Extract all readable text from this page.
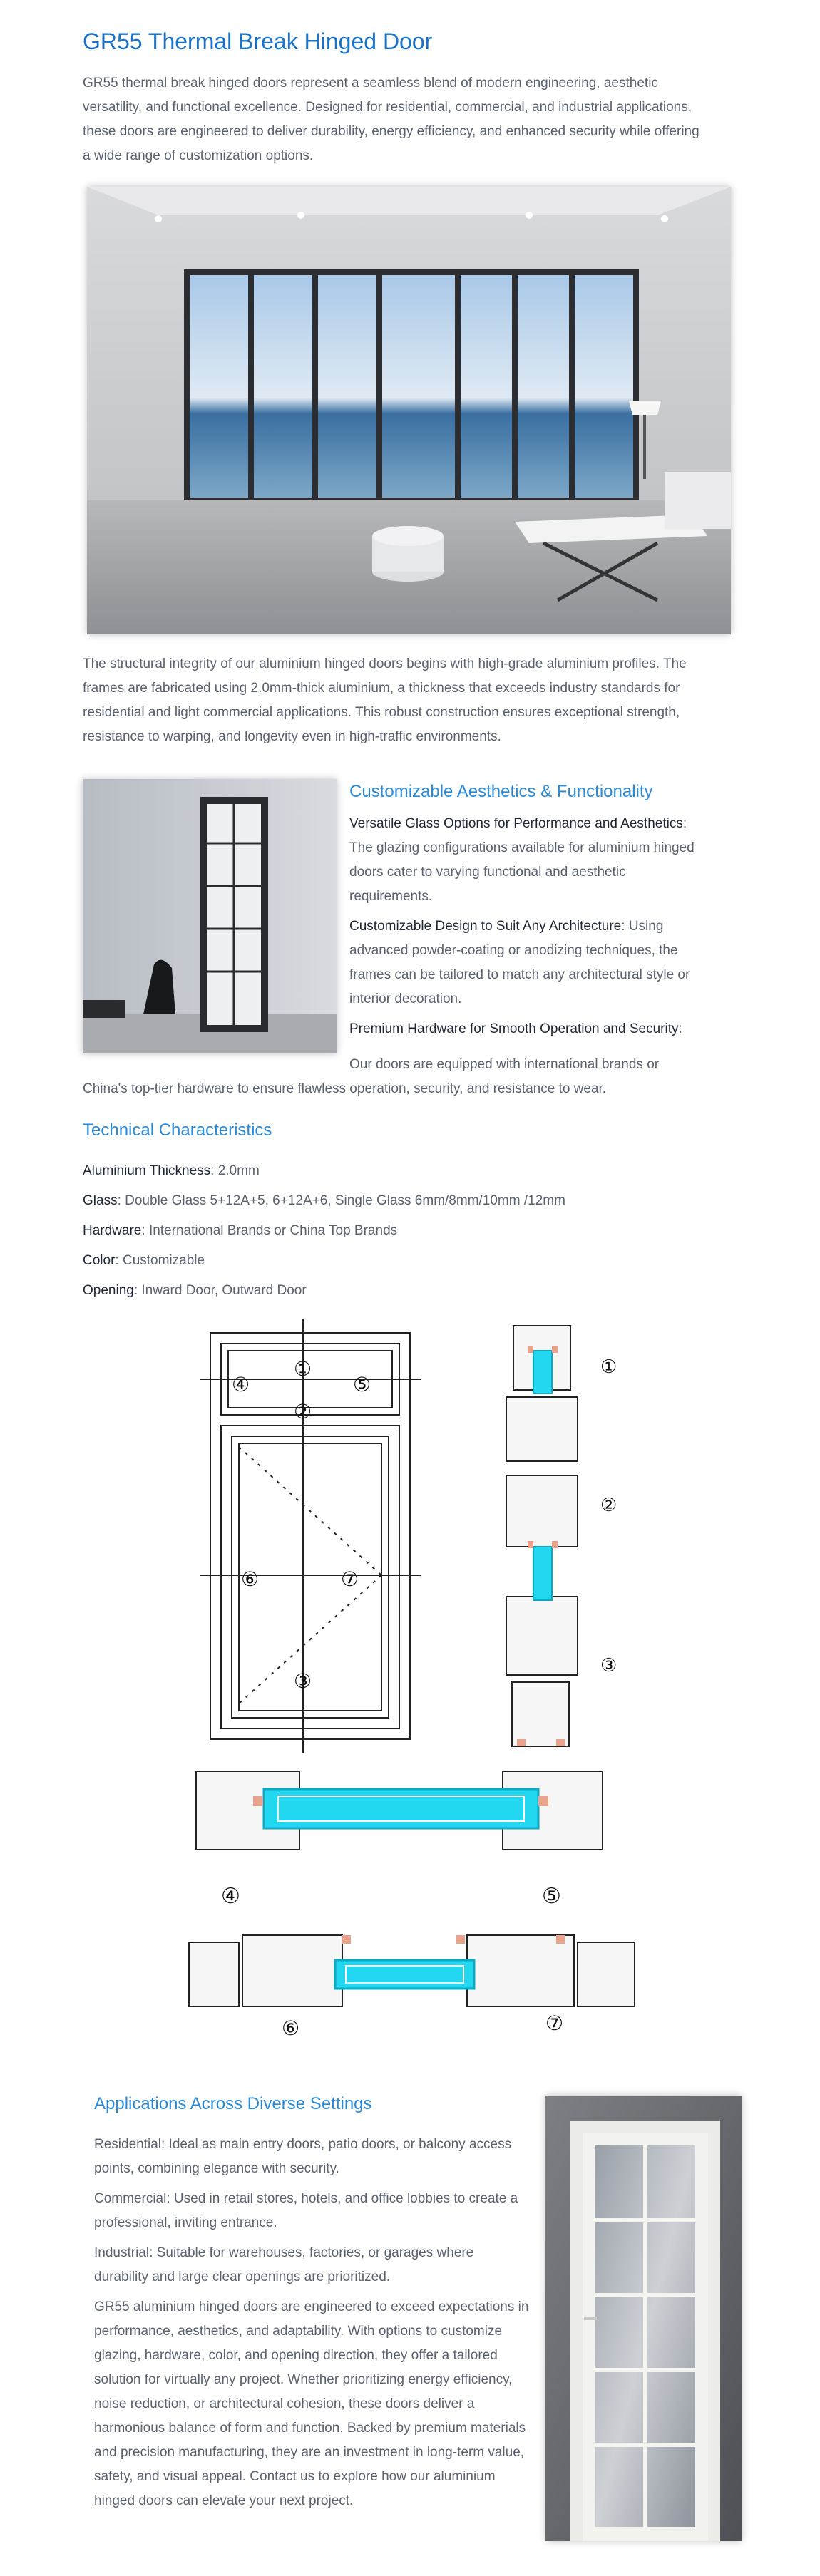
GR55 Thermal Break Hinged Door
GR55 thermal break hinged doors represent a seamless blend of modern engineering, aesthetic versatility, and functional excellence. Designed for residential, commercial, and industrial applications, these doors are engineered to deliver durability, energy efficiency, and enhanced security while offering a wide range of customization options.
The structural integrity of our aluminium hinged doors begins with high-grade aluminium profiles. The frames are fabricated using 2.0mm-thick aluminium, a thickness that exceeds industry standards for residential and light commercial applications. This robust construction ensures exceptional strength, resistance to warping, and longevity even in high-traffic environments.
Customizable Aesthetics & Functionality
Versatile Glass Options for Performance and Aesthetics: The glazing configurations available for aluminium hinged doors cater to varying functional and aesthetic requirements.
Customizable Design to Suit Any Architecture: Using advanced powder-coating or anodizing techniques, the frames can be tailored to match any architectural style or interior decoration.
Premium Hardware for Smooth Operation and Security:
Our doors are equipped with international brands or China's top-tier hardware to ensure flawless operation, security, and resistance to wear.
Technical Characteristics
Aluminium Thickness: 2.0mm
Glass: Double Glass 5+12A+5, 6+12A+6, Single Glass 6mm/8mm/10mm /12mm
Hardware: International Brands or China Top Brands
Color: Customizable
Opening: Inward Door, Outward Door
①
②
③
④	⑤
⑥	⑦
①
②
③
④	⑤
⑥	⑦
Applications Across Diverse Settings

Residential: Ideal as main entry doors, patio doors, or balcony access points, combining elegance with security.

Commercial: Used in retail stores, hotels, and office lobbies to create a professional, inviting entrance.

Industrial: Suitable for warehouses, factories, or garages where durability and large clear openings are prioritized.

GR55 aluminium hinged doors are engineered to exceed expectations in performance, aesthetics, and adaptability. With options to customize glazing, hardware, color, and opening direction, they offer a tailored solution for virtually any project. Whether prioritizing energy efficiency, noise reduction, or architectural cohesion, these doors deliver a harmonious balance of form and function. Backed by premium materials and precision manufacturing, they are an investment in long-term value, safety, and visual appeal. Contact us to explore how our aluminium hinged doors can elevate your next project.
